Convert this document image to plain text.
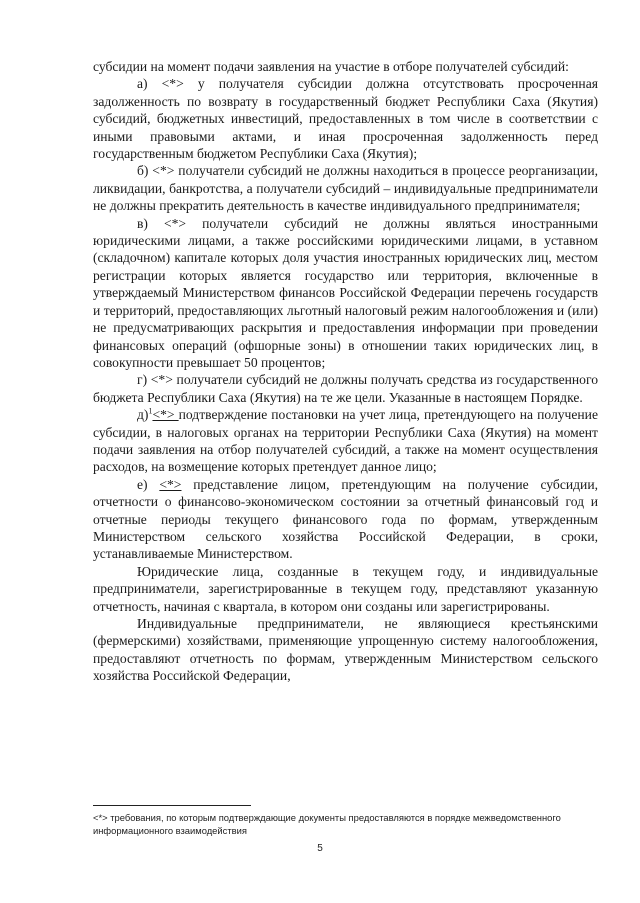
субсидии на момент подачи заявления на участие в отборе получателей субсидий:

а) <*> у получателя субсидии должна отсутствовать просроченная задолженность по возврату в государственный бюджет Республики Саха (Якутия) субсидий, бюджетных инвестиций, предоставленных в том числе в соответствии с иными правовыми актами, и иная просроченная задолженность перед государственным бюджетом Республики Саха (Якутия);

б) <*> получатели субсидий не должны находиться в процессе реорганизации, ликвидации, банкротства, а получатели субсидий – индивидуальные предприниматели не должны прекратить деятельность в качестве индивидуального предпринимателя;

в) <*> получатели субсидий не должны являться иностранными юридическими лицами, а также российскими юридическими лицами, в уставном (складочном) капитале которых доля участия иностранных юридических лиц, местом регистрации которых является государство или территория, включенные в утверждаемый Министерством финансов Российской Федерации перечень государств и территорий, предоставляющих льготный налоговый режим налогообложения и (или) не предусматривающих раскрытия и предоставления информации при проведении финансовых операций (офшорные зоны) в отношении таких юридических лиц, в совокупности превышает 50 процентов;

г) <*> получатели субсидий не должны получать средства из государственного бюджета Республики Саха (Якутия) на те же цели. Указанные в настоящем Порядке.

д)$^1$<*> подтверждение постановки на учет лица, претендующего на получение субсидии, в налоговых органах на территории Республики Саха (Якутия) на момент подачи заявления на отбор получателей субсидий, а также на момент осуществления расходов, на возмещение которых претендует данное лицо;

е) <*> представление лицом, претендующим на получение субсидии, отчетности о финансово-экономическом состоянии за отчетный финансовый год и отчетные периоды текущего финансового года по формам, утвержденным Министерством сельского хозяйства Российской Федерации, в сроки, устанавливаемые Министерством.

Юридические лица, созданные в текущем году, и индивидуальные предприниматели, зарегистрированные в текущем году, представляют указанную отчетность, начиная с квартала, в котором они созданы или зарегистрированы.

Индивидуальные предприниматели, не являющиеся крестьянскими (фермерскими) хозяйствами, применяющие упрощенную систему налогообложения, предоставляют отчетность по формам, утвержденным Министерством сельского хозяйства Российской Федерации,

<*> требования, по которым подтверждающие документы предоставляются в порядке межведомственного информационного взаимодействия

5
